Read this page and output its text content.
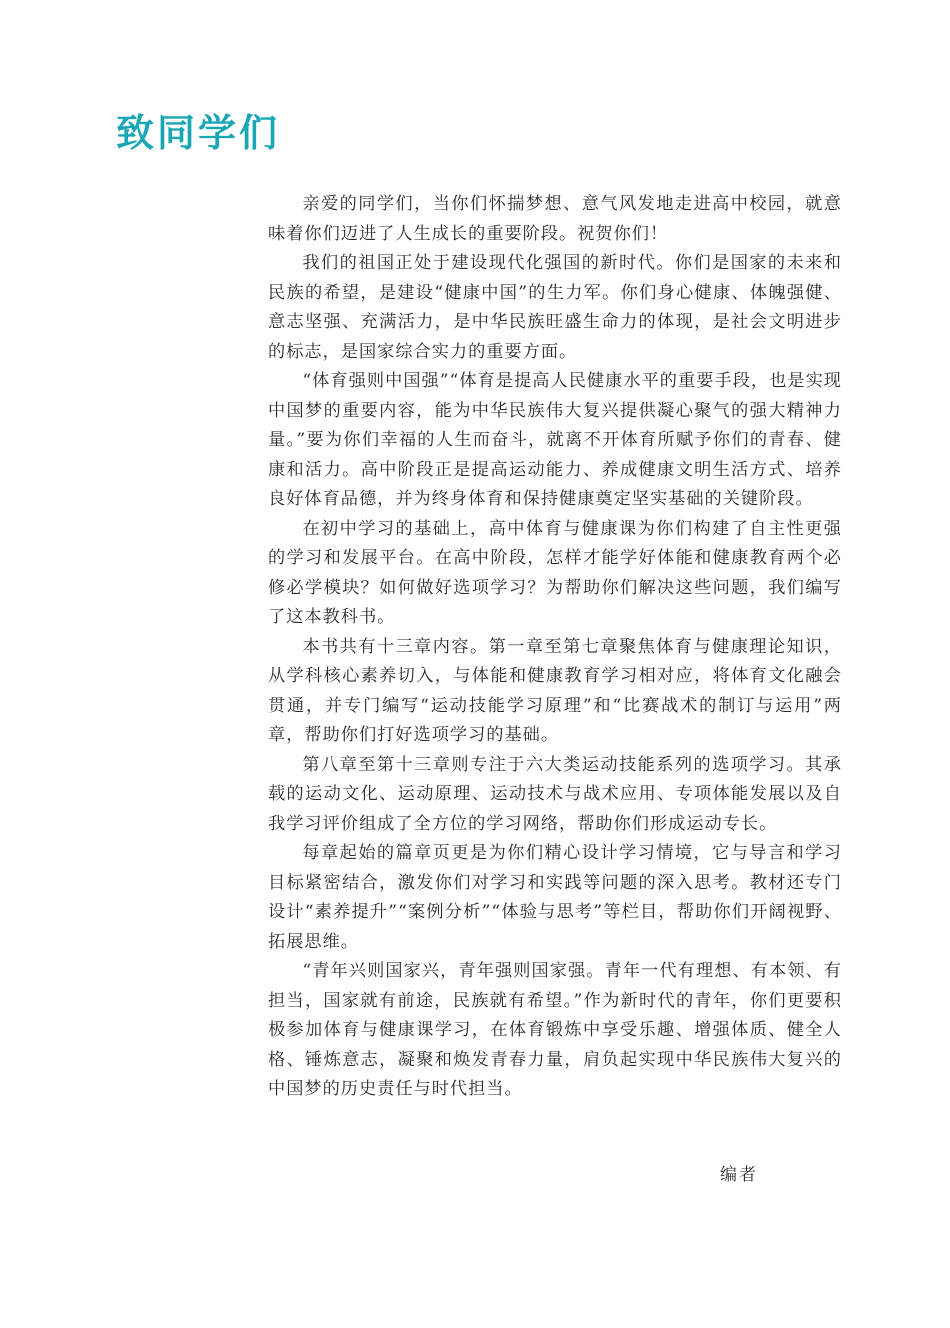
致同学们

亲爱的同学们，当你们怀揣梦想、意气风发地走进高中校园，就意味着你们迈进了人生成长的重要阶段。祝贺你们！

我们的祖国正处于建设现代化强国的新时代。你们是国家的未来和民族的希望，是建设“健康中国”的生力军。你们身心健康、体魄强健、意志坚强、充满活力，是中华民族旺盛生命力的体现，是社会文明进步的标志，是国家综合实力的重要方面。

“体育强则中国强”“体育是提高人民健康水平的重要手段，也是实现中国梦的重要内容，能为中华民族伟大复兴提供凝心聚气的强大精神力量。”要为你们幸福的人生而奋斗，就离不开体育所赋予你们的青春、健康和活力。高中阶段正是提高运动能力、养成健康文明生活方式、培养良好体育品德，并为终身体育和保持健康奠定坚实基础的关键阶段。

在初中学习的基础上，高中体育与健康课为你们构建了自主性更强的学习和发展平台。在高中阶段，怎样才能学好体能和健康教育两个必修必学模块？如何做好选项学习？为帮助你们解决这些问题，我们编写了这本教科书。

本书共有十三章内容。第一章至第七章聚焦体育与健康理论知识，从学科核心素养切入，与体能和健康教育学习相对应，将体育文化融会贯通，并专门编写“运动技能学习原理”和“比赛战术的制订与运用”两章，帮助你们打好选项学习的基础。

第八章至第十三章则专注于六大类运动技能系列的选项学习。其承载的运动文化、运动原理、运动技术与战术应用、专项体能发展以及自我学习评价组成了全方位的学习网络，帮助你们形成运动专长。

每章起始的篇章页更是为你们精心设计学习情境，它与导言和学习目标紧密结合，激发你们对学习和实践等问题的深入思考。教材还专门设计“素养提升”“案例分析”“体验与思考”等栏目，帮助你们开阔视野、拓展思维。

“青年兴则国家兴，青年强则国家强。青年一代有理想、有本领、有担当，国家就有前途，民族就有希望。”作为新时代的青年，你们更要积极参加体育与健康课学习，在体育锻炼中享受乐趣、增强体质、健全人格、锤炼意志，凝聚和焕发青春力量，肩负起实现中华民族伟大复兴的中国梦的历史责任与时代担当。

编者
